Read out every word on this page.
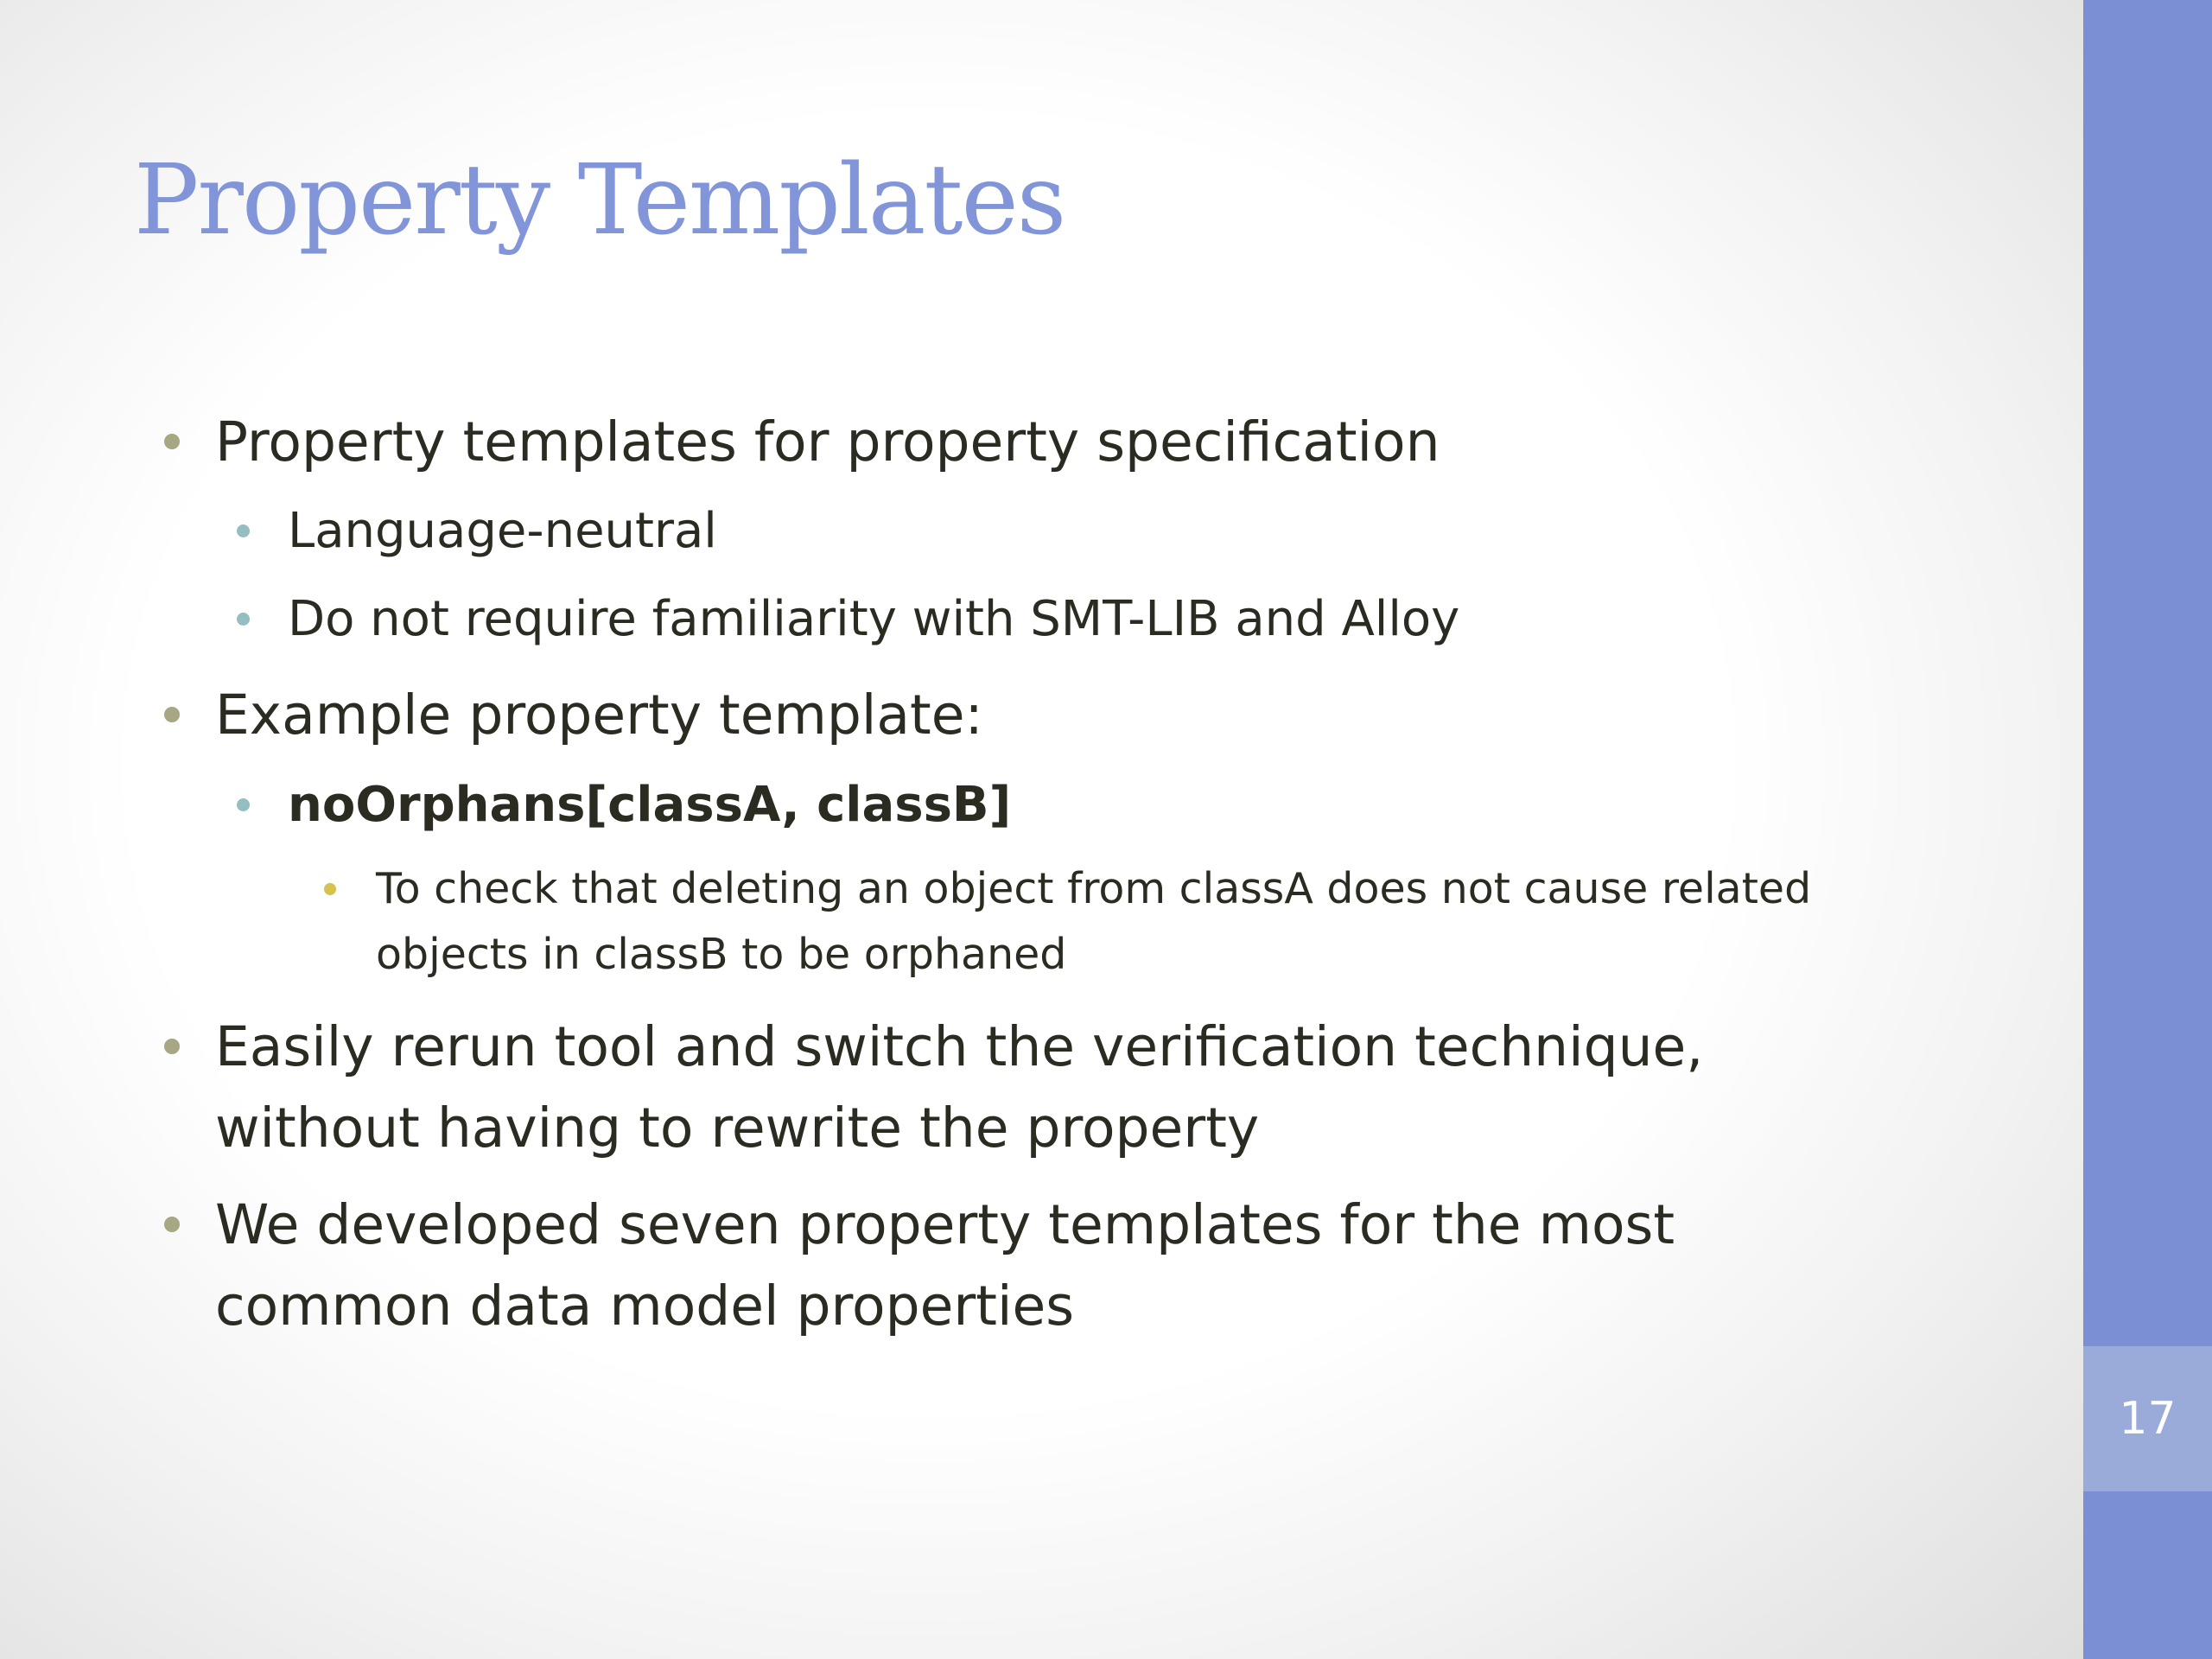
Property Templates
Property templates for property specification
Language-neutral
Do not require familiarity with SMT-LIB and Alloy
Example property template:
noOrphans[classA, classB]
To check that deleting an object from classA does not cause related
objects in classB to be orphaned
Easily rerun tool and switch the verification technique,
without having to rewrite the property
We developed seven property templates for the most
common data model properties
17
